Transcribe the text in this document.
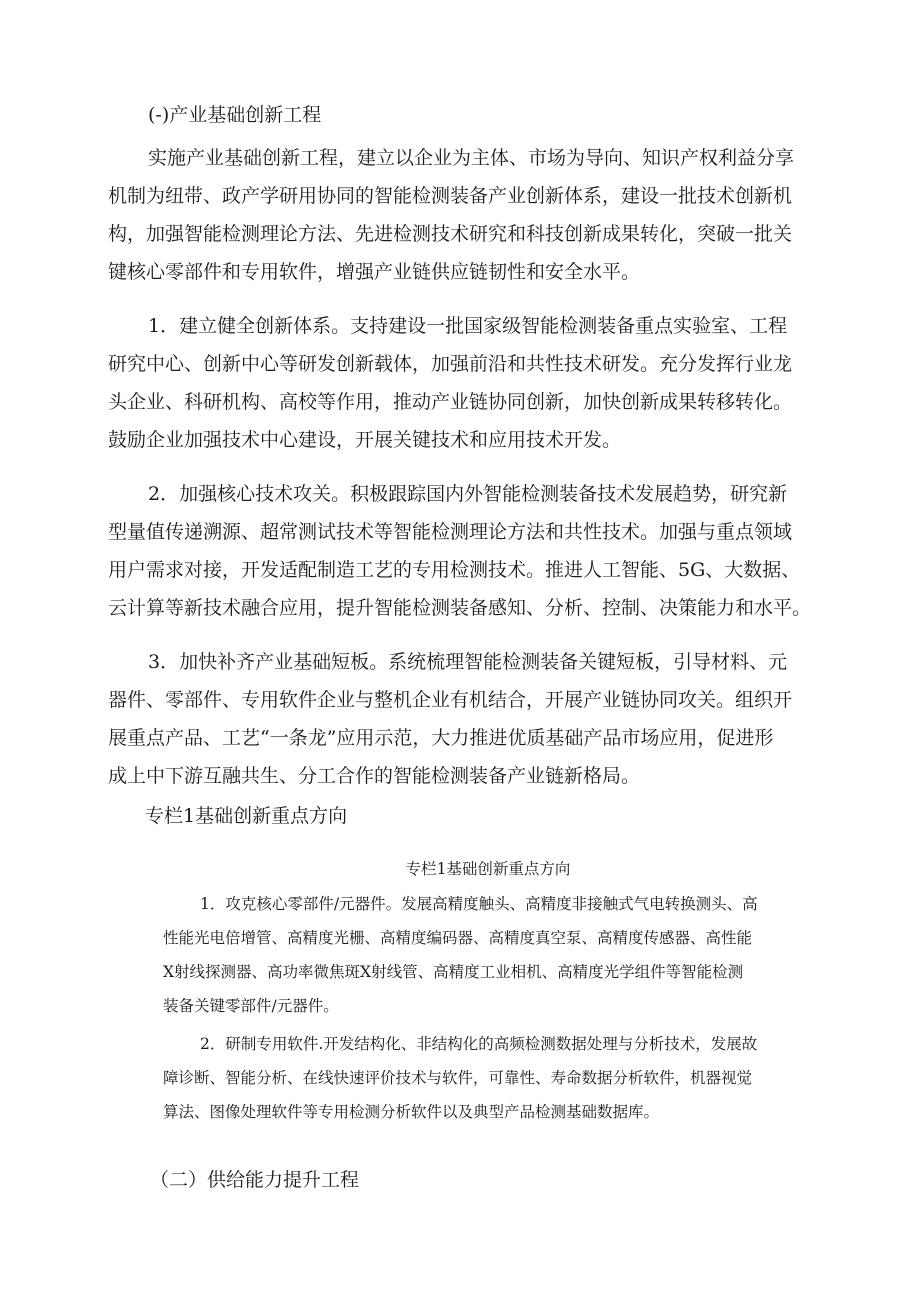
(-)产业基础创新工程
实施产业基础创新工程，建立以企业为主体、市场为导向、知识产权利益分享
机制为纽带、政产学研用协同的智能检测装备产业创新体系，建设一批技术创新机
构，加强智能检测理论方法、先进检测技术研究和科技创新成果转化，突破一批关
键核心零部件和专用软件，增强产业链供应链韧性和安全水平。
1．建立健全创新体系。支持建设一批国家级智能检测装备重点实验室、工程
研究中心、创新中心等研发创新载体，加强前沿和共性技术研发。充分发挥行业龙
头企业、科研机构、高校等作用，推动产业链协同创新，加快创新成果转移转化。
鼓励企业加强技术中心建设，开展关键技术和应用技术开发。
2．加强核心技术攻关。积极跟踪国内外智能检测装备技术发展趋势，研究新
型量值传递溯源、超常测试技术等智能检测理论方法和共性技术。加强与重点领域
用户需求对接，开发适配制造工艺的专用检测技术。推进人工智能、5G、大数据、
云计算等新技术融合应用，提升智能检测装备感知、分析、控制、决策能力和水平。
3．加快补齐产业基础短板。系统梳理智能检测装备关键短板，引导材料、元
器件、零部件、专用软件企业与整机企业有机结合，开展产业链协同攻关。组织开
展重点产品、工艺“一条龙”应用示范，大力推进优质基础产品市场应用，促进形
成上中下游互融共生、分工合作的智能检测装备产业链新格局。
专栏1基础创新重点方向
专栏1基础创新重点方向
1．攻克核心零部件/元器件。发展高精度触头、高精度非接触式气电转换测头、高
性能光电倍增管、高精度光栅、高精度编码器、高精度真空泵、高精度传感器、高性能
X射线探测器、高功率微焦斑X射线管、高精度工业相机、高精度光学组件等智能检测
装备关键零部件/元器件。
2．研制专用软件.开发结构化、非结构化的高频检测数据处理与分析技术，发展故
障诊断、智能分析、在线快速评价技术与软件，可靠性、寿命数据分析软件，机器视觉
算法、图像处理软件等专用检测分析软件以及典型产品检测基础数据库。
（二）供给能力提升工程
